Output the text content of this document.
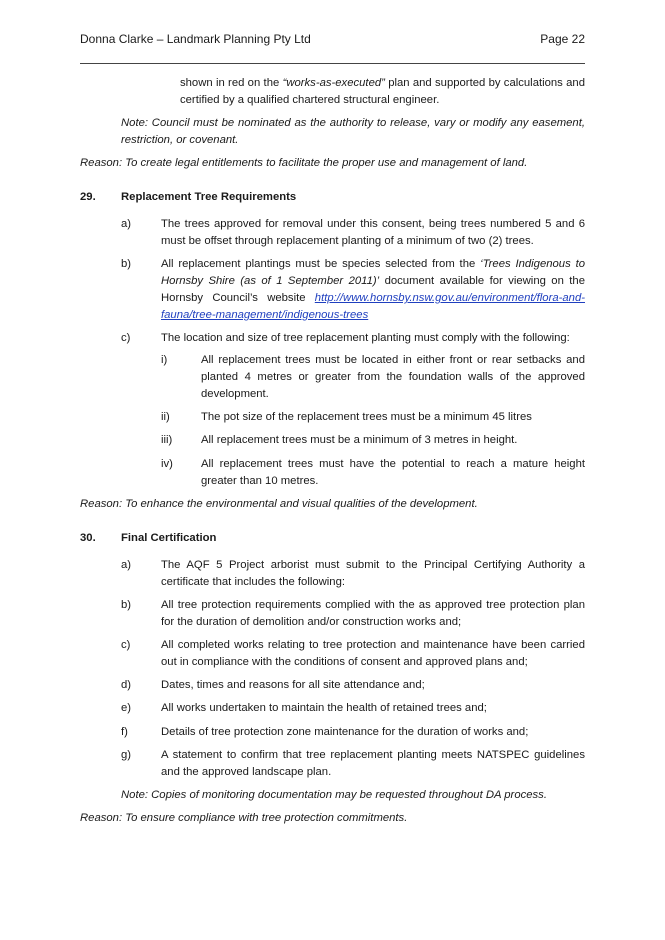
Donna Clarke – Landmark Planning Pty Ltd	Page 22

shown in red on the “works-as-executed” plan and supported by calculations and certified by a qualified chartered structural engineer.

Note: Council must be nominated as the authority to release, vary or modify any easement, restriction, or covenant.

Reason: To create legal entitlements to facilitate the proper use and management of land.

29. Replacement Tree Requirements
a)	The trees approved for removal under this consent, being trees numbered 5 and 6 must be offset through replacement planting of a minimum of two (2) trees.

b)	All replacement plantings must be species selected from the ‘Trees Indigenous to Hornsby Shire (as of 1 September 2011)’ document available for viewing on the Hornsby Council’s website http://www.hornsby.nsw.gov.au/environment/flora-and-fauna/tree-management/indigenous-trees

c)	The location and size of tree replacement planting must comply with the following:

i)	All replacement trees must be located in either front or rear setbacks and planted 4 metres or greater from the foundation walls of the approved development.

ii)	The pot size of the replacement trees must be a minimum 45 litres

iii)	All replacement trees must be a minimum of 3 metres in height.

iv) All replacement trees must have the potential to reach a mature height greater than 10 metres.

Reason: To enhance the environmental and visual qualities of the development.

30. Final Certification
a)	The AQF 5 Project arborist must submit to the Principal Certifying Authority a certificate that includes the following:

b)	All tree protection requirements complied with the as approved tree protection plan for the duration of demolition and/or construction works and;

c)	All completed works relating to tree protection and maintenance have been carried out in compliance with the conditions of consent and approved plans and;

d)	Dates, times and reasons for all site attendance and;

e)	All works undertaken to maintain the health of retained trees and;

f)	Details of tree protection zone maintenance for the duration of works and;

g)	A statement to confirm that tree replacement planting meets NATSPEC guidelines and the approved landscape plan.

Note: Copies of monitoring documentation may be requested throughout DA process.

Reason: To ensure compliance with tree protection commitments.
